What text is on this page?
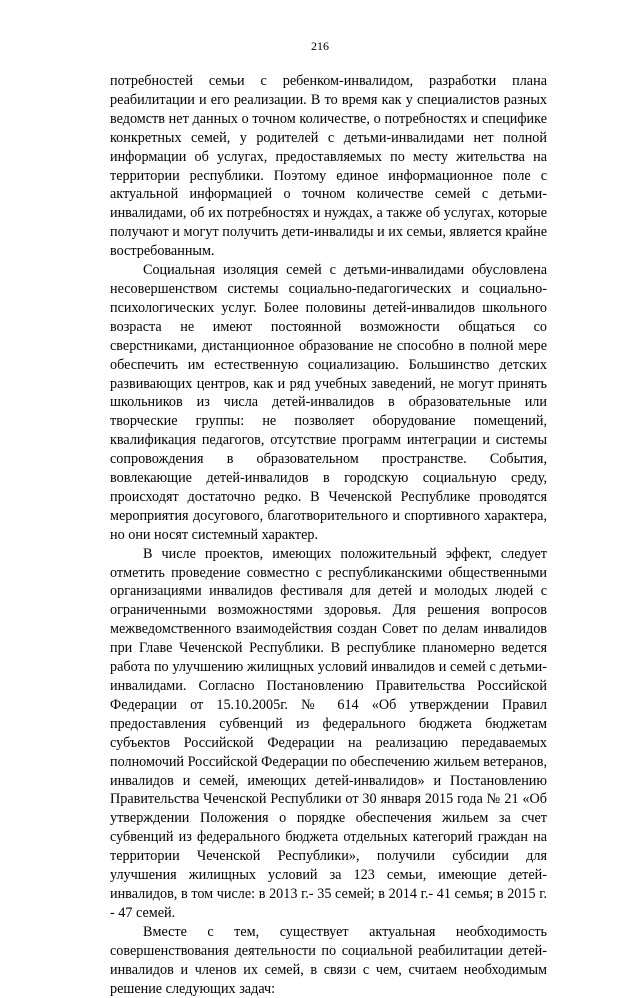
216

потребностей семьи с ребенком-инвалидом, разработки плана реабилитации и его реализации. В то время как у специалистов разных ведомств нет данных о точном количестве, о потребностях и специфике конкретных семей, у родителей с детьми-инвалидами нет полной информации об услугах, предоставляемых по месту жительства на территории республики. Поэтому единое информационное поле с актуальной информацией о точном количестве семей с детьми-инвалидами, об их потребностях и нуждах, а также об услугах, которые получают и могут получить дети-инвалиды и их семьи, является крайне востребованным.

Социальная изоляция семей с детьми-инвалидами обусловлена несовершенством системы социально-педагогических и социально-психологических услуг. Более половины детей-инвалидов школьного возраста не имеют постоянной возможности общаться со сверстниками, дистанционное образование не способно в полной мере обеспечить им естественную социализацию. Большинство детских развивающих центров, как и ряд учебных заведений, не могут принять школьников из числа детей-инвалидов в образовательные или творческие группы: не позволяет оборудование помещений, квалификация педагогов, отсутствие программ интеграции и системы сопровождения в образовательном пространстве. События, вовлекающие детей-инвалидов в городскую социальную среду, происходят достаточно редко. В Чеченской Республике проводятся мероприятия досугового, благотворительного и спортивного характера, но они носят системный характер.

В числе проектов, имеющих положительный эффект, следует отметить проведение совместно с республиканскими общественными организациями инвалидов фестиваля для детей и молодых людей с ограниченными возможностями здоровья. Для решения вопросов межведомственного взаимодействия создан Совет по делам инвалидов при Главе Чеченской Республики. В республике планомерно ведется работа по улучшению жилищных условий инвалидов и семей с детьми-инвалидами. Согласно Постановлению Правительства Российской Федерации от 15.10.2005г. № 614 «Об утверждении Правил предоставления субвенций из федерального бюджета бюджетам субъектов Российской Федерации на реализацию передаваемых полномочий Российской Федерации по обеспечению жильем ветеранов, инвалидов и семей, имеющих детей-инвалидов» и Постановлению Правительства Чеченской Республики от 30 января 2015 года № 21 «Об утверждении Положения о порядке обеспечения жильем за счет субвенций из федерального бюджета отдельных категорий граждан на территории Чеченской Республики», получили субсидии для улучшения жилищных условий за 123 семьи, имеющие детей-инвалидов, в том числе: в 2013 г.- 35 семей; в 2014 г.- 41 семья; в 2015 г. - 47 семей.

Вместе с тем, существует актуальная необходимость совершенствования деятельности по социальной реабилитации детей-инвалидов и членов их семей, в связи с чем, считаем необходимым решение следующих задач:
